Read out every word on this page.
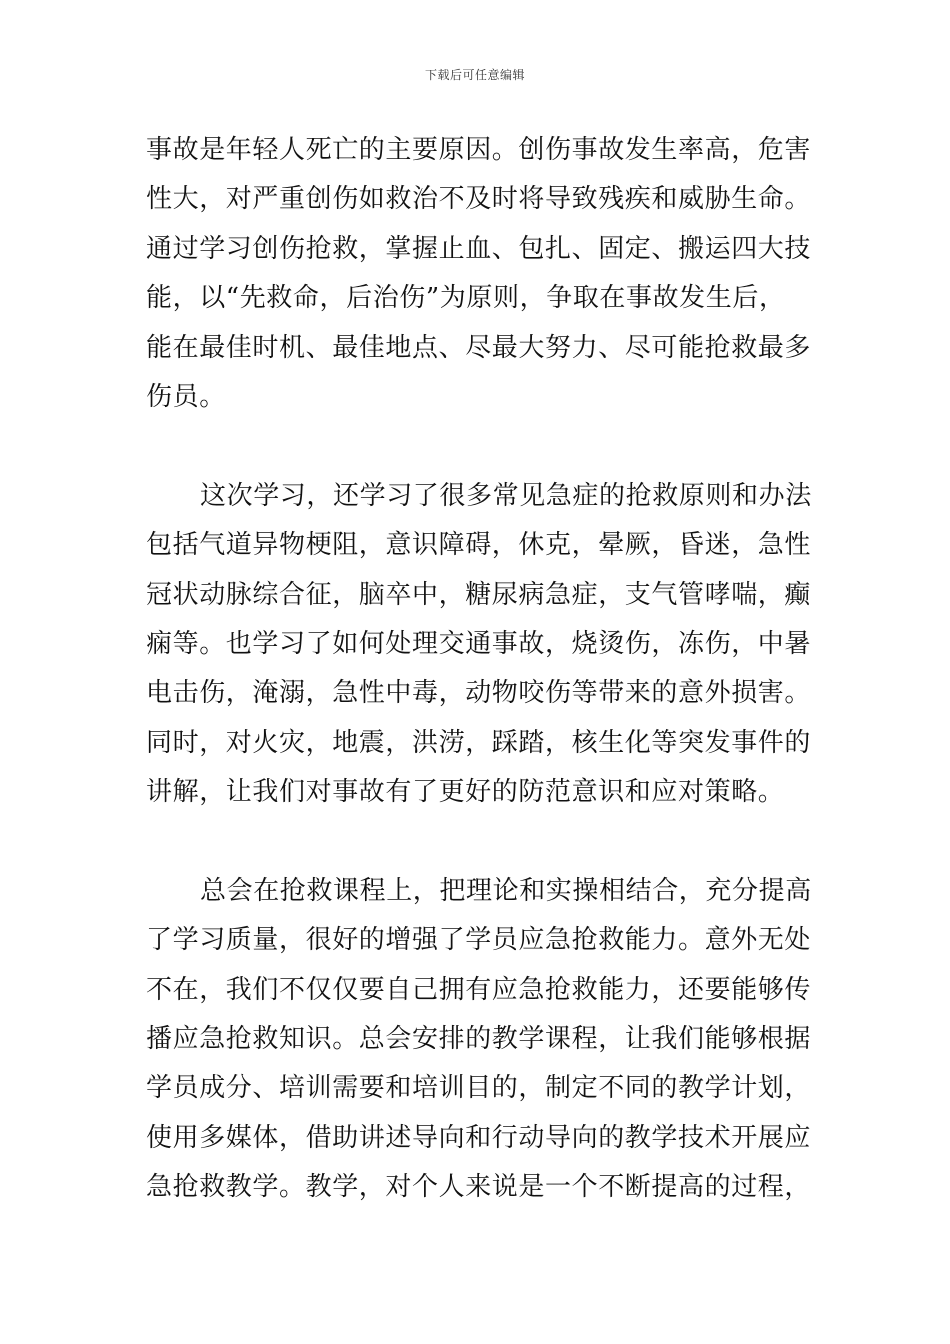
下载后可任意编辑
事故是年轻人死亡的主要原因。创伤事故发生率高，危害
性大，对严重创伤如救治不及时将导致残疾和威胁生命。
通过学习创伤抢救，掌握止血、包扎、固定、搬运四大技
能，以“先救命，后治伤”为原则，争取在事故发生后，
能在最佳时机、最佳地点、尽最大努力、尽可能抢救最多
伤员。
这次学习，还学习了很多常见急症的抢救原则和办法
包括气道异物梗阻，意识障碍，休克，晕厥，昏迷，急性
冠状动脉综合征，脑卒中，糖尿病急症，支气管哮喘，癫
痫等。也学习了如何处理交通事故，烧烫伤，冻伤，中暑
电击伤，淹溺，急性中毒，动物咬伤等带来的意外损害。
同时，对火灾，地震，洪涝，踩踏，核生化等突发事件的
讲解，让我们对事故有了更好的防范意识和应对策略。
总会在抢救课程上，把理论和实操相结合，充分提高
了学习质量，很好的增强了学员应急抢救能力。意外无处
不在，我们不仅仅要自己拥有应急抢救能力，还要能够传
播应急抢救知识。总会安排的教学课程，让我们能够根据
学员成分、培训需要和培训目的，制定不同的教学计划，
使用多媒体，借助讲述导向和行动导向的教学技术开展应
急抢救教学。教学，对个人来说是一个不断提高的过程，
